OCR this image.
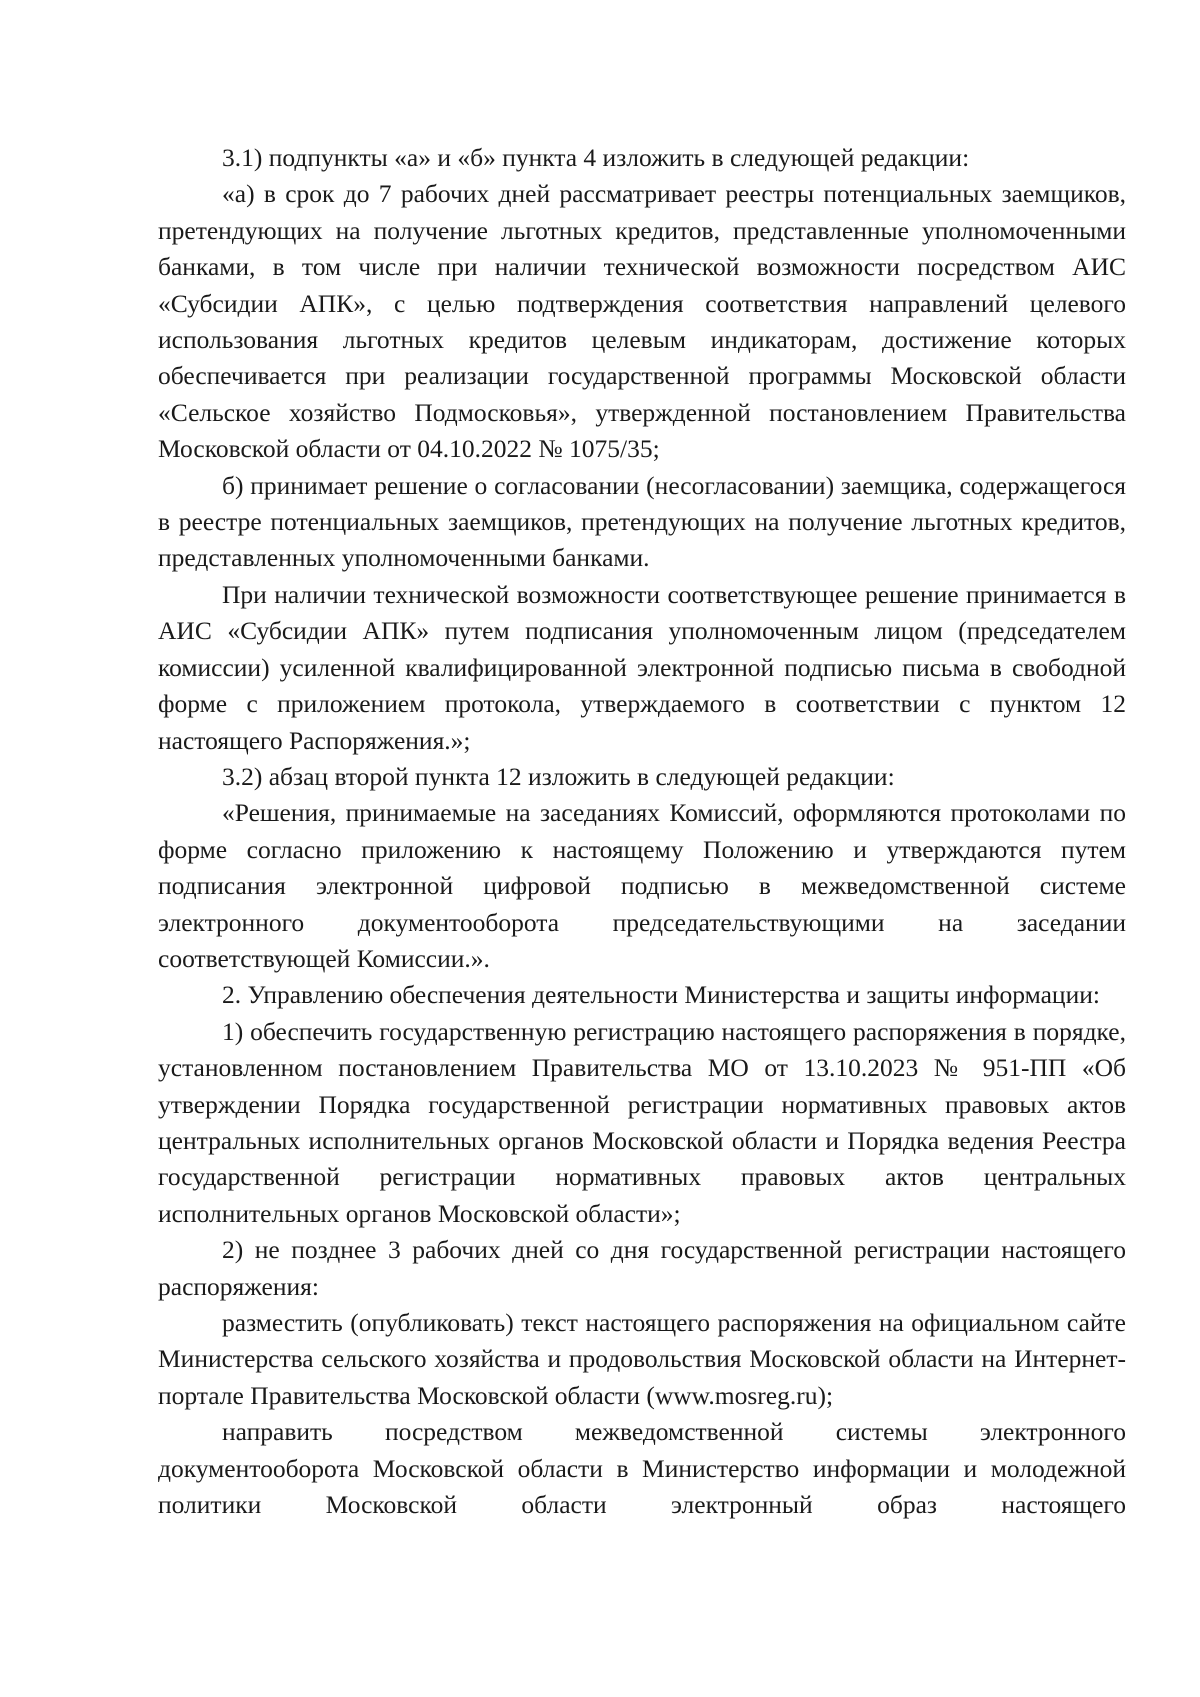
3.1) подпункты «а» и «б» пункта 4 изложить в следующей редакции:

«а) в срок до 7 рабочих дней рассматривает реестры потенциальных заемщиков, претендующих на получение льготных кредитов, представленные уполномоченными банками, в том числе при наличии технической возможности посредством АИС «Субсидии АПК», с целью подтверждения соответствия направлений целевого использования льготных кредитов целевым индикаторам, достижение которых обеспечивается при реализации государственной программы Московской области «Сельское хозяйство Подмосковья», утвержденной постановлением Правительства Московской области от 04.10.2022 № 1075/35;

б) принимает решение о согласовании (несогласовании) заемщика, содержащегося в реестре потенциальных заемщиков, претендующих на получение льготных кредитов, представленных уполномоченными банками.

При наличии технической возможности соответствующее решение принимается в АИС «Субсидии АПК» путем подписания уполномоченным лицом (председателем комиссии) усиленной квалифицированной электронной подписью письма в свободной форме с приложением протокола, утверждаемого в соответствии с пунктом 12 настоящего Распоряжения.»;

3.2) абзац второй пункта 12 изложить в следующей редакции:

«Решения, принимаемые на заседаниях Комиссий, оформляются протоколами по форме согласно приложению к настоящему Положению и утверждаются путем подписания электронной цифровой подписью в межведомственной системе электронного документооборота председательствующими на заседании соответствующей Комиссии.».

2. Управлению обеспечения деятельности Министерства и защиты информации:

1) обеспечить государственную регистрацию настоящего распоряжения в порядке, установленном постановлением Правительства МО от 13.10.2023 № 951-ПП «Об утверждении Порядка государственной регистрации нормативных правовых актов центральных исполнительных органов Московской области и Порядка ведения Реестра государственной регистрации нормативных правовых актов центральных исполнительных органов Московской области»;

2) не позднее 3 рабочих дней со дня государственной регистрации настоящего распоряжения:

разместить (опубликовать) текст настоящего распоряжения на официальном сайте Министерства сельского хозяйства и продовольствия Московской области на Интернет-портале Правительства Московской области (www.mosreg.ru);

направить посредством межведомственной системы электронного документооборота Московской области в Министерство информации и молодежной политики Московской области электронный образ настоящего
